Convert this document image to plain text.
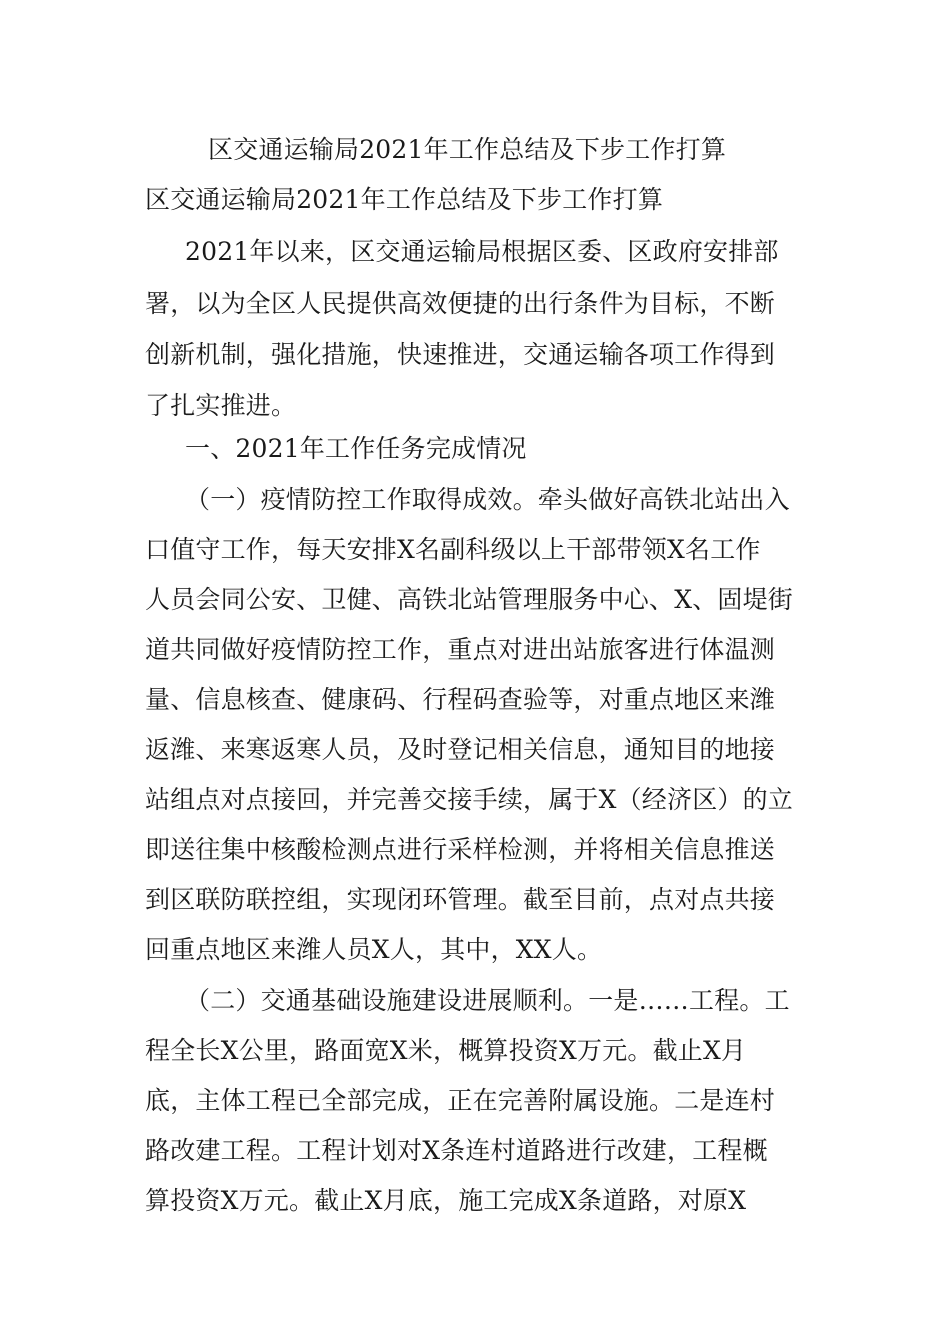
区交通运输局2021年工作总结及下步工作打算
区交通运输局2021年工作总结及下步工作打算
2021年以来，区交通运输局根据区委、区政府安排部
署，以为全区人民提供高效便捷的出行条件为目标，不断
创新机制，强化措施，快速推进，交通运输各项工作得到
了扎实推进。
一、2021年工作任务完成情况
（一）疫情防控工作取得成效。牵头做好高铁北站出入
口值守工作，每天安排X名副科级以上干部带领X名工作
人员会同公安、卫健、高铁北站管理服务中心、X、固堤街
道共同做好疫情防控工作，重点对进出站旅客进行体温测
量、信息核查、健康码、行程码查验等，对重点地区来潍
返潍、来寒返寒人员，及时登记相关信息，通知目的地接
站组点对点接回，并完善交接手续，属于X（经济区）的立
即送往集中核酸检测点进行采样检测，并将相关信息推送
到区联防联控组，实现闭环管理。截至目前，点对点共接
回重点地区来潍人员X人，其中，XX人。
（二）交通基础设施建设进展顺利。一是……工程。工
程全长X公里，路面宽X米，概算投资X万元。截止X月
底，主体工程已全部完成，正在完善附属设施。二是连村
路改建工程。工程计划对X条连村道路进行改建，工程概
算投资X万元。截止X月底，施工完成X条道路，对原X
